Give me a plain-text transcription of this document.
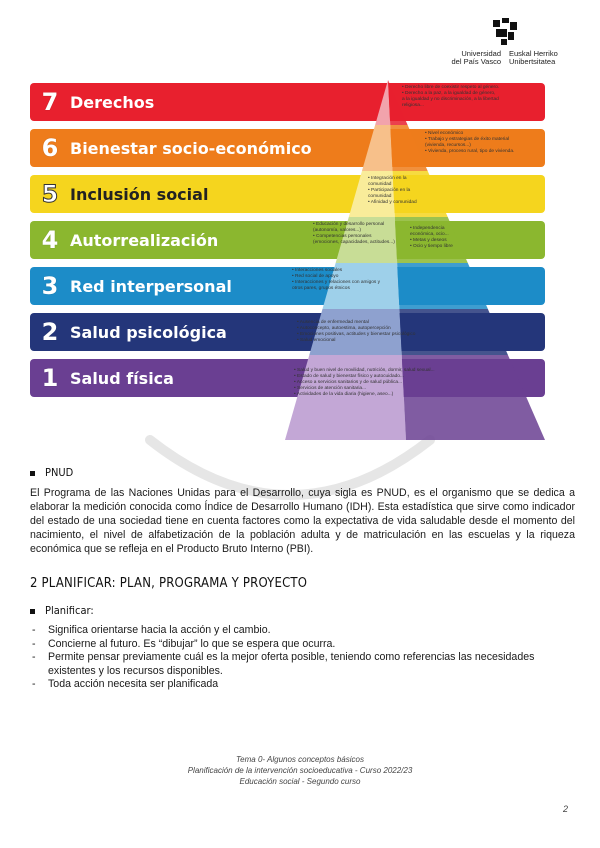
Universidad
del País Vasco
Euskal Herriko
Unibertsitatea
7 Derechos
6 Bienestar socio-económico
5 Inclusión social
4 Autorrealización
3 Red interpersonal
2 Salud psicológica
1 Salud física
• Derecho libre de coexistir respeto al género.
• Derecho a la paz, a la igualdad de género,
a la igualdad y no discriminación, a la libertad
religiosa...
• Nivel económico
• Trabajo y estrategias de éxito material
(vivienda, recursos...)
• Vivienda, proceso rural, tipo de vivienda.
• Integración en la
comunidad
• Participación en la
comunidad
• Afinidad y comunidad
• Educación y desarrollo personal
(autonomía, valores...)
• Competencias personales
(emociones, capacidades, actitudes...)
• Independencia
económica, ocio...
• Metas y deseos
• Ocio y tiempo libre
• Interacciones sociales
• Red social de apoyo
• Interacciones y relaciones con amigos y
otros pares, grupos étnicos
• Ausencia de enfermedad mental
• Autoconcepto, autoestima, autopercepción
• Emociones positivas, actitudes y bienestar psicológico
• Salud emocional
• Salud y buen nivel de movilidad, nutrición, dormir, salud sexual...
• Estado de salud y bienestar físico y autocuidado...
• Acceso a servicios sanitarios y de salud pública...
• Servicios de atención sanitaria...
• Actividades de la vida diaria (higiene, aseo...)
PNUD
El Programa de las Naciones Unidas para el Desarrollo, cuya sigla es PNUD, es el organismo que se dedica a elaborar la medición conocida como Índice de Desarrollo Humano (IDH). Esta estadística que sirve como indicador del estado de una sociedad tiene en cuenta factores como la expectativa de vida saludable desde el momento del nacimiento, el nivel de alfabetización de la población adulta y de matriculación en las escuelas y la riqueza económica que se refleja en el Producto Bruto Interno (PBI).
2 PLANIFICAR: PLAN, PROGRAMA Y PROYECTO
Planificar:
- Significa orientarse hacia la acción y el cambio.
- Concierne al futuro. Es “dibujar” lo que se espera que ocurra.
- Permite pensar previamente cuál es la mejor oferta posible, teniendo como referencias las necesidades existentes y los recursos disponibles.
- Toda acción necesita ser planificada
Tema 0- Algunos conceptos básicos
Planificación de la intervención socioeducativa - Curso 2022/23
Educación social - Segundo curso
2
